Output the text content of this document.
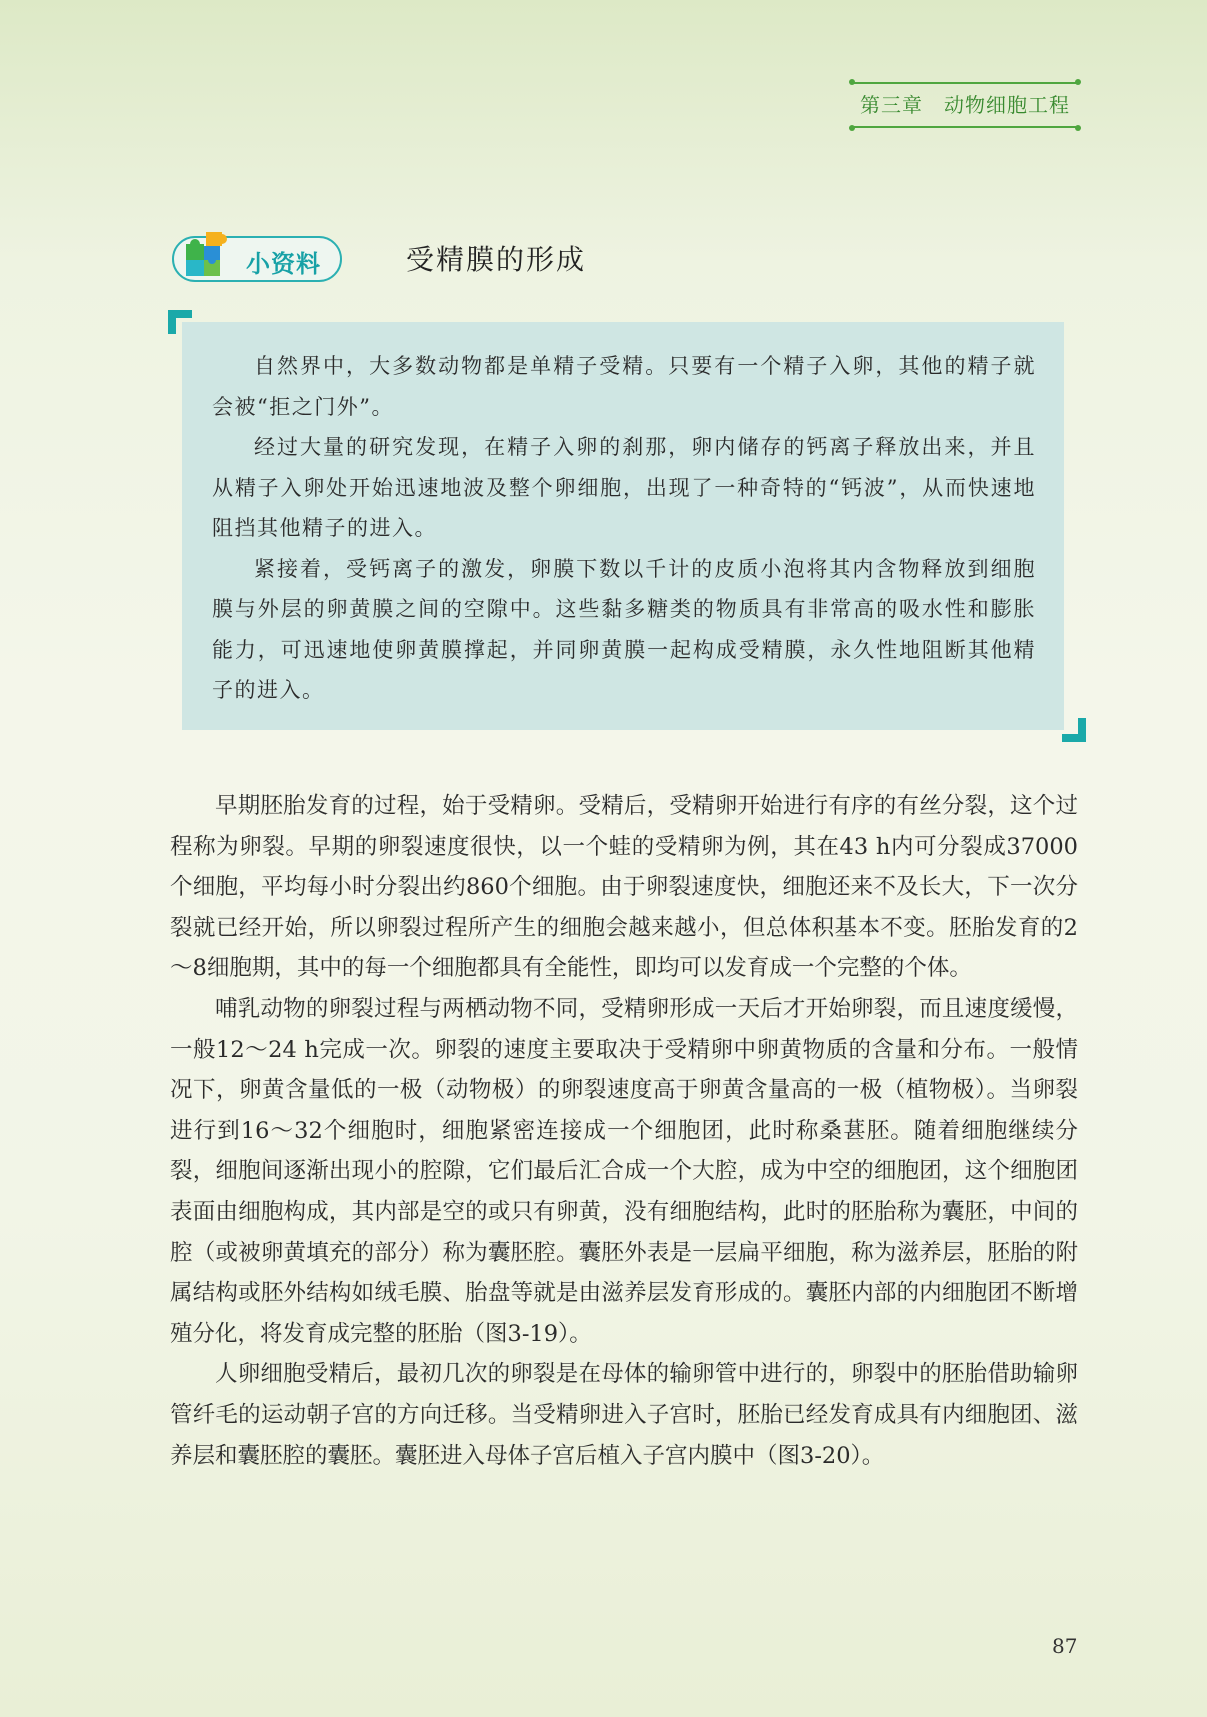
第三章　动物细胞工程
小资料	受精膜的形成

自然界中，大多数动物都是单精子受精。只要有一个精子入卵，其他的精子就会被“拒之门外”。

经过大量的研究发现，在精子入卵的刹那，卵内储存的钙离子释放出来，并且从精子入卵处开始迅速地波及整个卵细胞，出现了一种奇特的“钙波”，从而快速地阻挡其他精子的进入。

紧接着，受钙离子的激发，卵膜下数以千计的皮质小泡将其内含物释放到细胞膜与外层的卵黄膜之间的空隙中。这些黏多糖类的物质具有非常高的吸水性和膨胀能力，可迅速地使卵黄膜撑起，并同卵黄膜一起构成受精膜，永久性地阻断其他精子的进入。

早期胚胎发育的过程，始于受精卵。受精后，受精卵开始进行有序的有丝分裂，这个过程称为卵裂。早期的卵裂速度很快，以一个蛙的受精卵为例，其在43 h内可分裂成37000个细胞，平均每小时分裂出约860个细胞。由于卵裂速度快，细胞还来不及长大，下一次分裂就已经开始，所以卵裂过程所产生的细胞会越来越小，但总体积基本不变。胚胎发育的2～8细胞期，其中的每一个细胞都具有全能性，即均可以发育成一个完整的个体。

哺乳动物的卵裂过程与两栖动物不同，受精卵形成一天后才开始卵裂，而且速度缓慢，一般12～24 h完成一次。卵裂的速度主要取决于受精卵中卵黄物质的含量和分布。一般情况下，卵黄含量低的一极（动物极）的卵裂速度高于卵黄含量高的一极（植物极）。当卵裂进行到16～32个细胞时，细胞紧密连接成一个细胞团，此时称桑葚胚。随着细胞继续分裂，细胞间逐渐出现小的腔隙，它们最后汇合成一个大腔，成为中空的细胞团，这个细胞团表面由细胞构成，其内部是空的或只有卵黄，没有细胞结构，此时的胚胎称为囊胚，中间的腔（或被卵黄填充的部分）称为囊胚腔。囊胚外表是一层扁平细胞，称为滋养层，胚胎的附属结构或胚外结构如绒毛膜、胎盘等就是由滋养层发育形成的。囊胚内部的内细胞团不断增殖分化，将发育成完整的胚胎（图3-19）。

人卵细胞受精后，最初几次的卵裂是在母体的输卵管中进行的，卵裂中的胚胎借助输卵管纤毛的运动朝子宫的方向迁移。当受精卵进入子宫时，胚胎已经发育成具有内细胞团、滋养层和囊胚腔的囊胚。囊胚进入母体子宫后植入子宫内膜中（图3-20）。

87
